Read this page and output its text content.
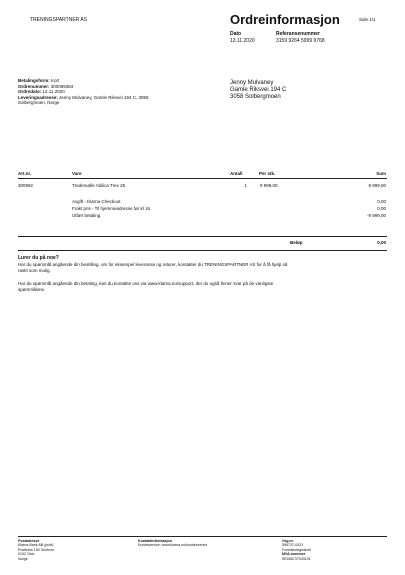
TRENINGSPARTNER AS	Ordreinformasjon	Side 1/1
Dato
13.11.2020
Referansenummer
3159 9264 5999 9768
Betalingsform: Kort
Ordrenummer: 300099384
Ordredato: 12.11.2020
Leveringsadresse: Jenny Mulvaney, Gamle Riksvei 194 C, 3058
Solbergmoen, Norge
Jenny Mulvaney
Gamle Riksvei 194 C
3058 Solbergmoen
Art.nr.	Vare	Antall	Per stk.	Sum
300992	Tredemølle Abilica Trex 25	1	9 999,00	9 999,00
Avgift - Klarna Checkout	0,00
Frakt pris - Til hjemmeadresse før kl 16	0,00
Utført betaling	-9 999,00
Beløp	0,00
Lurer du på noe?
Har du spørsmål angående din bestilling, om for eksempel leveranse og returer, kontakter du TRENINGSPARTNER AS for å få hjelp så
raskt som mulig.
Har du spørsmål angående din betaling, kan du kontakte oss via www.klarna.no/support, der du også finner svar på de vanligste
spørsmålene.
Postadresse
Klarna Bank AB (publ)
Postboks 150 Sentrum
0102 Oslo
Norge
Kontaktinformasjon
Kundeservice: www.klarna.no/kundeservice
Org.nr.
556737-0431
Foretaksregisteret
MVA-nummer
SE556737043101
